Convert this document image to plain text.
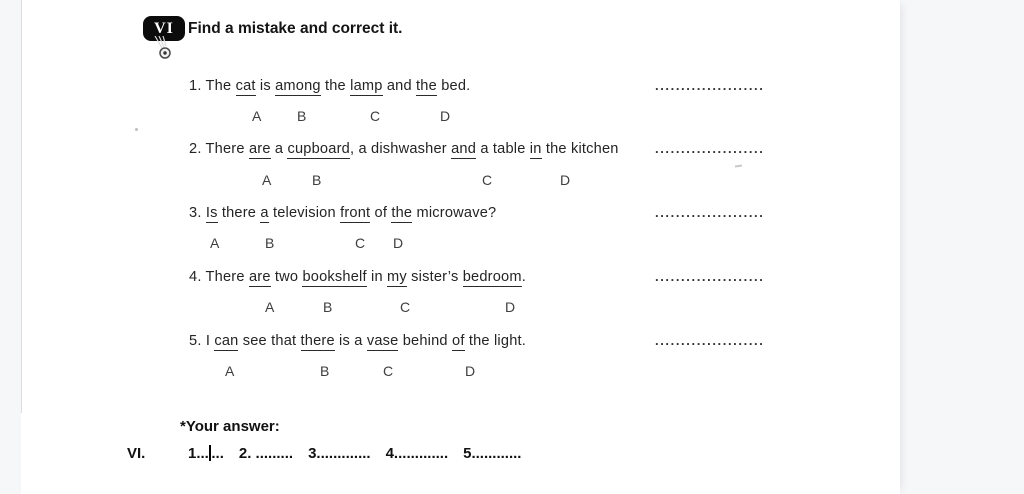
VI Find a mistake and correct it.
1. The cat is among the lamp and the bed.	.....................
A	B	C	D
2. There are a cupboard, a dishwasher and a table in the kitchen	.....................
A	B	C	D
3. Is there a television front of the microwave?	.....................
A	B	C D
4. There are two bookshelf in my sister’s bedroom.	.....................
A	B	C	D
5. I can see that there is a vase behind of the light.	.....................
A	B	C	D
*Your answer:
VI.	1... ... 2. ......... 3............. 4............. 5............
